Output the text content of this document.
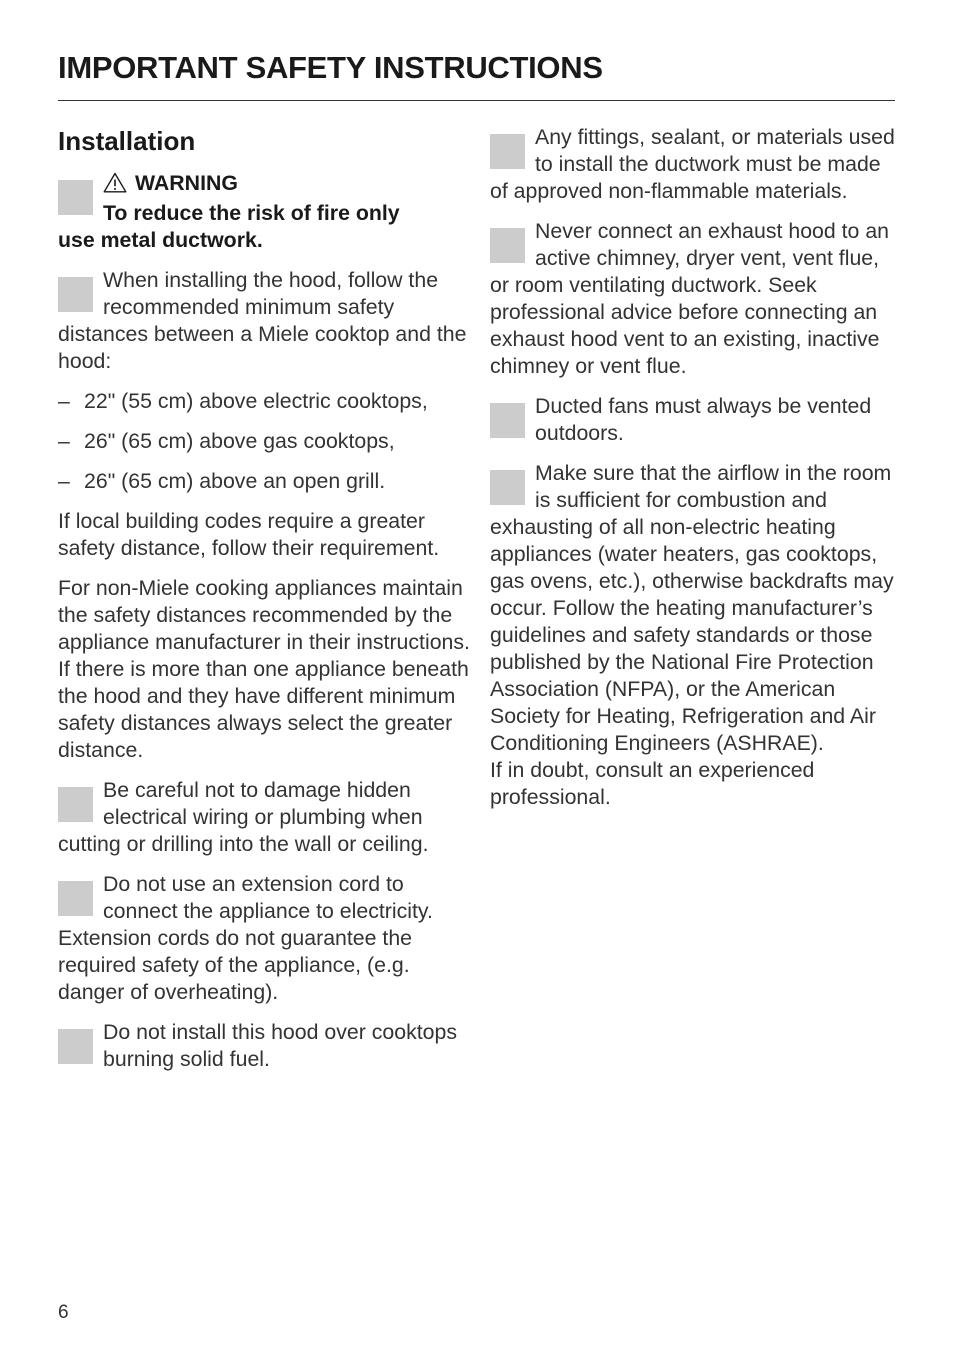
IMPORTANT SAFETY INSTRUCTIONS
Installation

WARNING
To reduce the risk of fire only
use metal ductwork.

When installing the hood, follow the recommended minimum safety distances between a Miele cooktop and the hood:

– 22" (55 cm) above electric cooktops,
– 26" (65 cm) above gas cooktops,
– 26" (65 cm) above an open grill.

If local building codes require a greater safety distance, follow their requirement.

For non-Miele cooking appliances maintain the safety distances recommended by the appliance manufacturer in their instructions.
If there is more than one appliance beneath the hood and they have different minimum safety distances always select the greater distance.

Be careful not to damage hidden electrical wiring or plumbing when cutting or drilling into the wall or ceiling.

Do not use an extension cord to connect the appliance to electricity. Extension cords do not guarantee the required safety of the appliance, (e.g. danger of overheating).

Do not install this hood over cooktops burning solid fuel.

Any fittings, sealant, or materials used to install the ductwork must be made of approved non-flammable materials.

Never connect an exhaust hood to an active chimney, dryer vent, vent flue, or room ventilating ductwork. Seek professional advice before connecting an exhaust hood vent to an existing, inactive chimney or vent flue.

Ducted fans must always be vented outdoors.

Make sure that the airflow in the room is sufficient for combustion and exhausting of all non-electric heating appliances (water heaters, gas cooktops, gas ovens, etc.), otherwise backdrafts may occur. Follow the heating manufacturer’s guidelines and safety standards or those published by the National Fire Protection Association (NFPA), or the American Society for Heating, Refrigeration and Air Conditioning Engineers (ASHRAE).
If in doubt, consult an experienced professional.

6
